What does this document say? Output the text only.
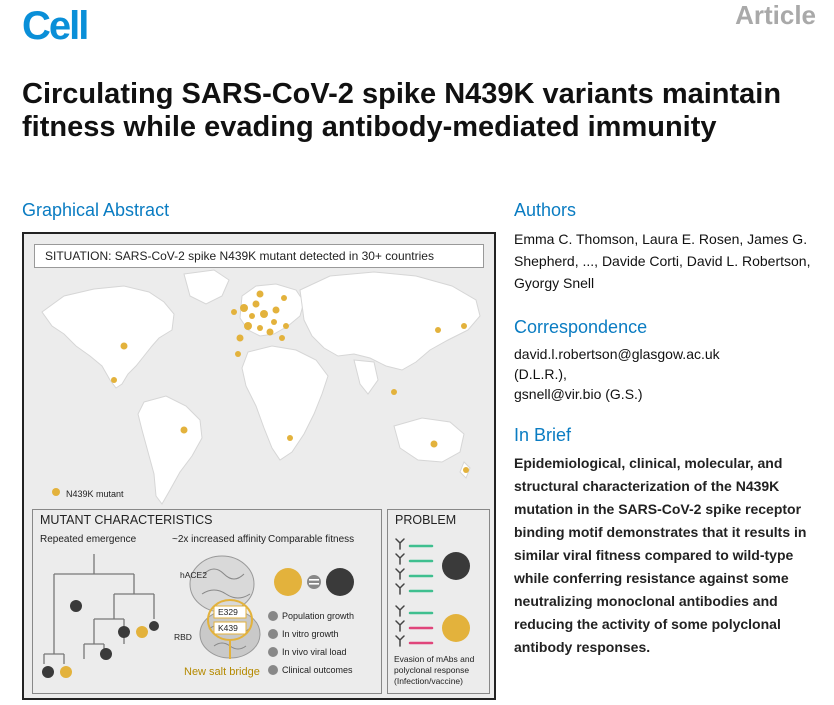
Cell	Article
Circulating SARS-CoV-2 spike N439K variants maintain fitness while evading antibody-mediated immunity
Graphical Abstract
SITUATION: SARS-CoV-2 spike N439K mutant detected in 30+ countries
N439K mutant
MUTANT CHARACTERISTICS
Repeated emergence	~2x increased affinity Comparable fitness
hACE2
RBD
E329
K439
New salt bridge
Population growth
In vitro growth
In vivo viral load
Clinical outcomes
PROBLEM
Evasion of mAbs and polyclonal response (Infection/vaccine)
Authors
Emma C. Thomson, Laura E. Rosen, James G. Shepherd, ..., Davide Corti, David L. Robertson, Gyorgy Snell
Correspondence
david.l.robertson@glasgow.ac.uk
(D.L.R.),
gsnell@vir.bio (G.S.)
In Brief
Epidemiological, clinical, molecular, and structural characterization of the N439K mutation in the SARS-CoV-2 spike receptor binding motif demonstrates that it results in similar viral fitness compared to wild-type while conferring resistance against some neutralizing monoclonal antibodies and reducing the activity of some polyclonal antibody responses.
